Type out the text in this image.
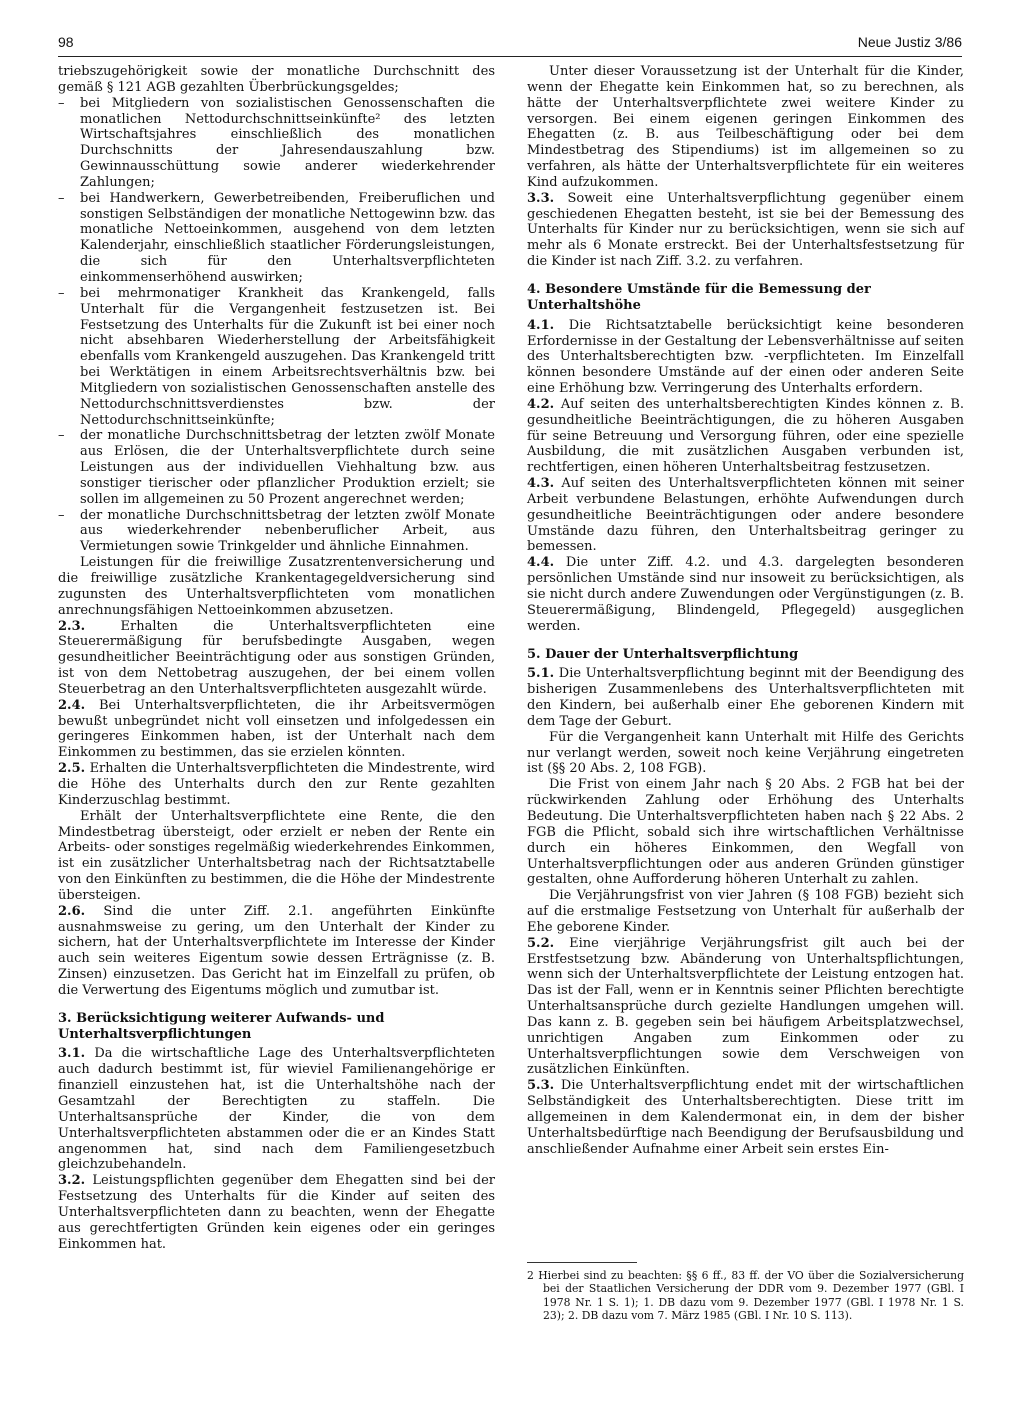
98	Neue Justiz 3/86

triebszugehörigkeit sowie der monatliche Durchschnitt des gemäß § 121 AGB gezahlten Überbrückungsgeldes;

– bei Mitgliedern von sozialistischen Genossenschaften die monatlichen Nettodurchschnittseinkünfte² des letzten Wirtschaftsjahres einschließlich des monatlichen Durchschnitts der Jahresendauszahlung bzw. Gewinnausschüttung sowie anderer wiederkehrender Zahlungen;

– bei Handwerkern, Gewerbetreibenden, Freiberuflichen und sonstigen Selbständigen der monatliche Nettogewinn bzw. das monatliche Nettoeinkommen, ausgehend von dem letzten Kalenderjahr, einschließlich staatlicher Förderungsleistungen, die sich für den Unterhaltsverpflichteten einkommenserhöhend auswirken;

– bei mehrmonatiger Krankheit das Krankengeld, falls Unterhalt für die Vergangenheit festzusetzen ist. Bei Festsetzung des Unterhalts für die Zukunft ist bei einer noch nicht absehbaren Wiederherstellung der Arbeitsfähigkeit ebenfalls vom Krankengeld auszugehen. Das Krankengeld tritt bei Werktätigen in einem Arbeitsrechtsverhältnis bzw. bei Mitgliedern von sozialistischen Genossenschaften anstelle des Nettodurchschnittsverdienstes bzw. der Nettodurchschnittseinkünfte;

– der monatliche Durchschnittsbetrag der letzten zwölf Monate aus Erlösen, die der Unterhaltsverpflichtete durch seine Leistungen aus der individuellen Viehhaltung bzw. aus sonstiger tierischer oder pflanzlicher Produktion erzielt; sie sollen im allgemeinen zu 50 Prozent angerechnet werden;

– der monatliche Durchschnittsbetrag der letzten zwölf Monate aus wiederkehrender nebenberuflicher Arbeit, aus Vermietungen sowie Trinkgelder und ähnliche Einnahmen.

Leistungen für die freiwillige Zusatzrentenversicherung und die freiwillige zusätzliche Krankentagegeldversicherung sind zugunsten des Unterhaltsverpflichteten vom monatlichen anrechnungsfähigen Nettoeinkommen abzusetzen.

2.3.	Erhalten die Unterhaltsverpflichteten eine Steuerermäßigung für berufsbedingte Ausgaben, wegen gesundheitlicher Beeinträchtigung oder aus sonstigen Gründen, ist von dem Nettobetrag auszugehen, der bei einem vollen Steuerbetrag an den Unterhaltsverpflichteten ausgezahlt würde.

2.4. Bei Unterhaltsverpflichteten, die ihr Arbeitsvermögen bewußt unbegründet nicht voll einsetzen und infolgedessen ein geringeres Einkommen haben, ist der Unterhalt nach dem Einkommen zu bestimmen, das sie erzielen könnten.

2.5. Erhalten die Unterhaltsverpflichteten die Mindestrente, wird die Höhe des Unterhalts durch den zur Rente gezahlten Kinderzuschlag bestimmt.

Erhält der Unterhaltsverpflichtete eine Rente, die den Mindestbetrag übersteigt, oder erzielt er neben der Rente ein Arbeits- oder sonstiges regelmäßig wiederkehrendes Einkommen, ist ein zusätzlicher Unterhaltsbetrag nach der Richtsatztabelle von den Einkünften zu bestimmen, die die Höhe der Mindestrente übersteigen.

2.6. Sind die unter Ziff. 2.1. angeführten Einkünfte ausnahmsweise zu gering, um den Unterhalt der Kinder zu sichern, hat der Unterhaltsverpflichtete im Interesse der Kinder auch sein weiteres Eigentum sowie dessen Erträgnisse (z. B. Zinsen) einzusetzen. Das Gericht hat im Einzelfall zu prüfen, ob die Verwertung des Eigentums möglich und zumutbar ist.

3. Berücksichtigung weiterer Aufwands- und Unterhaltsverpflichtungen

3.1. Da die wirtschaftliche Lage des Unterhaltsverpflichteten auch dadurch bestimmt ist, für wieviel Familienangehörige er finanziell einzustehen hat, ist die Unterhaltshöhe nach der Gesamtzahl der Berechtigten zu staffeln. Die Unterhaltsansprüche der Kinder, die von dem Unterhaltsverpflichteten abstammen oder die er an Kindes Statt angenommen hat, sind nach dem Familiengesetzbuch gleichzubehandeln.

3.2. Leistungspflichten gegenüber dem Ehegatten sind bei der Festsetzung des Unterhalts für die Kinder auf seiten des Unterhaltsverpflichteten dann zu beachten, wenn der Ehegatte aus gerechtfertigten Gründen kein eigenes oder ein geringes Einkommen hat.

Unter dieser Voraussetzung ist der Unterhalt für die Kinder, wenn der Ehegatte kein Einkommen hat, so zu berechnen, als hätte der Unterhaltsverpflichtete zwei weitere Kinder zu versorgen. Bei einem eigenen geringen Einkommen des Ehegatten (z. B. aus Teilbeschäftigung oder bei dem Mindestbetrag des Stipendiums) ist im allgemeinen so zu verfahren, als hätte der Unterhaltsverpflichtete für ein weiteres Kind aufzukommen.

3.3. Soweit eine Unterhaltsverpflichtung gegenüber einem geschiedenen Ehegatten besteht, ist sie bei der Bemessung des Unterhalts für Kinder nur zu berücksichtigen, wenn sie sich auf mehr als 6 Monate erstreckt. Bei der Unterhaltsfestsetzung für die Kinder ist nach Ziff. 3.2. zu verfahren.

4. Besondere Umstände für die Bemessung der Unterhaltshöhe

4.1. Die Richtsatztabelle berücksichtigt keine besonderen Erfordernisse in der Gestaltung der Lebensverhältnisse auf seiten des Unterhaltsberechtigten bzw. -verpflichteten. Im Einzelfall können besondere Umstände auf der einen oder anderen Seite eine Erhöhung bzw. Verringerung des Unterhalts erfordern.

4.2. Auf seiten des unterhaltsberechtigten Kindes können z. B. gesundheitliche Beeinträchtigungen, die zu höheren Ausgaben für seine Betreuung und Versorgung führen, oder eine spezielle Ausbildung, die mit zusätzlichen Ausgaben verbunden ist, rechtfertigen, einen höheren Unterhaltsbeitrag festzusetzen.

4.3. Auf seiten des Unterhaltsverpflichteten können mit seiner Arbeit verbundene Belastungen, erhöhte Aufwendungen durch gesundheitliche Beeinträchtigungen oder andere besondere Umstände dazu führen, den Unterhaltsbeitrag geringer zu bemessen.

4.4. Die unter Ziff. 4.2. und 4.3. dargelegten besonderen persönlichen Umstände sind nur insoweit zu berücksichtigen, als sie nicht durch andere Zuwendungen oder Vergünstigungen (z. B. Steuerermäßigung, Blindengeld, Pflegegeld) ausgeglichen werden.

5. Dauer der Unterhaltsverpflichtung

5.1. Die Unterhaltsverpflichtung beginnt mit der Beendigung des bisherigen Zusammenlebens des Unterhaltsverpflichteten mit den Kindern, bei außerhalb einer Ehe geborenen Kindern mit dem Tage der Geburt.

Für die Vergangenheit kann Unterhalt mit Hilfe des Gerichts nur verlangt werden, soweit noch keine Verjährung eingetreten ist (§§ 20 Abs. 2, 108 FGB).

Die Frist von einem Jahr nach § 20 Abs. 2 FGB hat bei der rückwirkenden Zahlung oder Erhöhung des Unterhalts Bedeutung. Die Unterhaltsverpflichteten haben nach § 22 Abs. 2 FGB die Pflicht, sobald sich ihre wirtschaftlichen Verhältnisse durch ein höheres Einkommen, den Wegfall von Unterhaltsverpflichtungen oder aus anderen Gründen günstiger gestalten, ohne Aufforderung höheren Unterhalt zu zahlen.

Die Verjährungsfrist von vier Jahren (§ 108 FGB) bezieht sich auf die erstmalige Festsetzung von Unterhalt für außerhalb der Ehe geborene Kinder.

5.2. Eine vierjährige Verjährungsfrist gilt auch bei der Erstfestsetzung bzw. Abänderung von Unterhaltspflichtungen, wenn sich der Unterhaltsverpflichtete der Leistung entzogen hat. Das ist der Fall, wenn er in Kenntnis seiner Pflichten berechtigte Unterhaltsansprüche durch gezielte Handlungen umgehen will. Das kann z. B. gegeben sein bei häufigem Arbeitsplatzwechsel, unrichtigen Angaben zum Einkommen oder zu Unterhaltsverpflichtungen sowie dem Verschweigen von zusätzlichen Einkünften.

5.3. Die Unterhaltsverpflichtung endet mit der wirtschaftlichen Selbständigkeit des Unterhaltsberechtigten. Diese tritt im allgemeinen in dem Kalendermonat ein, in dem der bisher Unterhaltsbedürftige nach Beendigung der Berufsausbildung und anschließender Aufnahme einer Arbeit sein erstes Ein-

2 Hierbei sind zu beachten: §§ 6 ff., 83 ff. der VO über die Sozialversicherung bei der Staatlichen Versicherung der DDR vom 9. Dezember 1977 (GBl. I 1978 Nr. 1 S. 1); 1. DB dazu vom 9. Dezember 1977 (GBl. I 1978 Nr. 1 S. 23); 2. DB dazu vom 7. März 1985 (GBl. I Nr. 10 S. 113).
